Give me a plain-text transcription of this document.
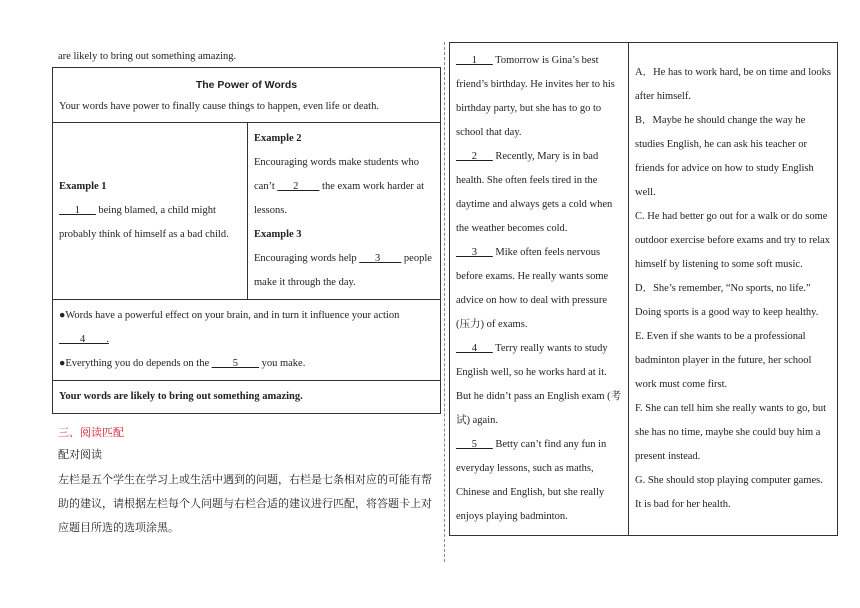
are likely to bring out something amazing.
The Power of Words
Your words have power to finally cause things to happen, even life or death.

Example 1
___1___ being blamed, a child might probably think of himself as a bad child.

Example 2
Encouraging words make students who can’t ___2____ the exam work harder at lessons.
Example 3
Encouraging words help ___3____ people make it through the day.

●Words have a powerful effect on your brain, and in turn it influence your action
____4____.
●Everything you do depends on the ____5____ you make.

Your words are likely to bring out something amazing.
三、阅读匹配
配对阅读
左栏是五个学生在学习上或生活中遇到的问题，右栏是七条相对应的可能有帮助的建议，请根据左栏每个人问题与右栏合适的建议进行匹配，将答题卡上对应题目所选的选项涂黑。
___1___ Tomorrow is Gina’s best friend’s birthday. He invites her to his birthday party, but she has to go to school that day.
___2___ Recently, Mary is in bad health. She often feels tired in the daytime and always gets a cold when the weather becomes cold.
___3___ Mike often feels nervous before exams. He really wants some advice on how to deal with pressure (压力) of exams.
___4___ Terry really wants to study English well, so he works hard at it. But he didn’t pass an English exam (考试) again.
___5___ Betty can’t find any fun in everyday lessons, such as maths, Chinese and English, but she really enjoys playing badminton.

A．He has to work hard, be on time and looks after himself.
B．Maybe he should change the way he studies English, he can ask his teacher or friends for advice on how to study English well.
C. He had better go out for a walk or do some outdoor exercise before exams and try to relax himself by listening to some soft music.
D．She’s remember, “No sports, no life.” Doing sports is a good way to keep healthy.
E. Even if she wants to be a professional badminton player in the future, her school work must come first.
F. She can tell him she really wants to go, but she has no time, maybe she could buy him a present instead.
G. She should stop playing computer games. It is bad for her health.
